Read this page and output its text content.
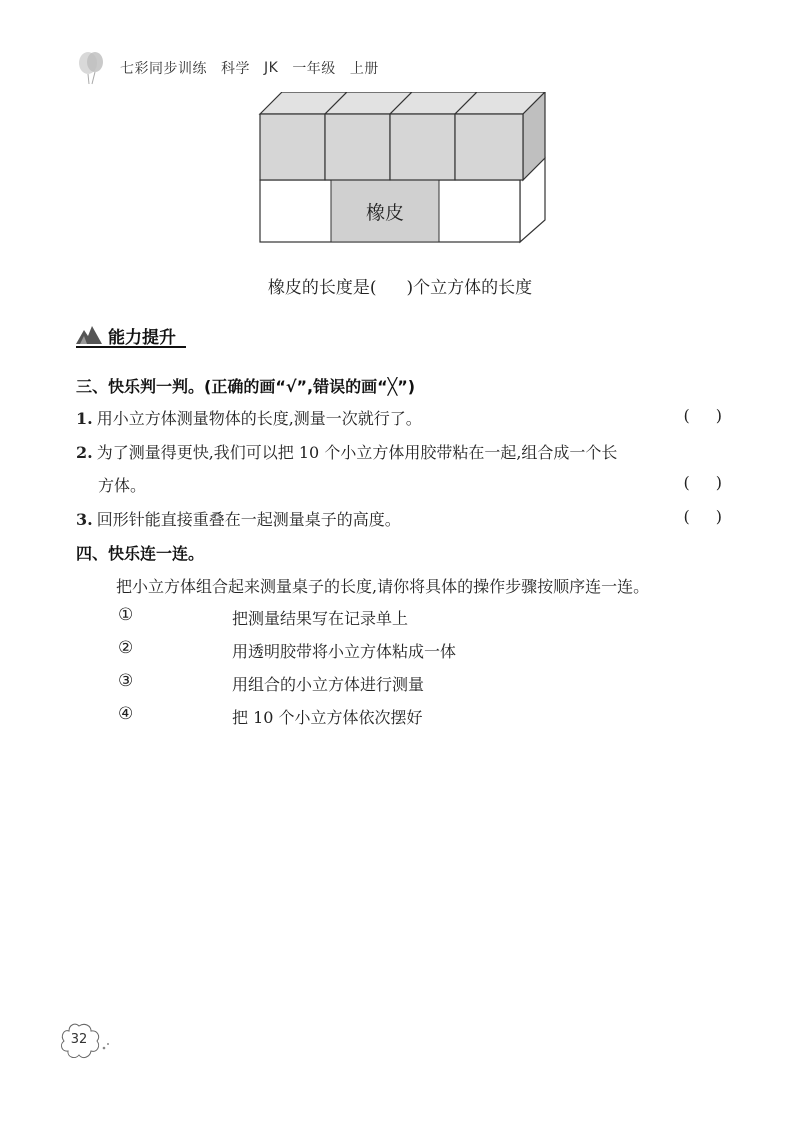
七彩同步训练 科学 JK 一年级 上册
橡皮
橡皮的长度是( )个立方体的长度
能力提升
三、快乐判一判。(正确的画“√”,错误的画“╳”)
1. 用小立方体测量物体的长度,测量一次就行了。	( )
2. 为了测量得更快,我们可以把 10 个小立方体用胶带粘在一起,组合成一个长
方体。	( )
3. 回形针能直接重叠在一起测量桌子的高度。	( )
四、快乐连一连。
把小立方体组合起来测量桌子的长度,请你将具体的操作步骤按顺序连一连。
①	把测量结果写在记录单上
②	用透明胶带将小立方体粘成一体
③	用组合的小立方体进行测量
④	把 10 个小立方体依次摆好
32
